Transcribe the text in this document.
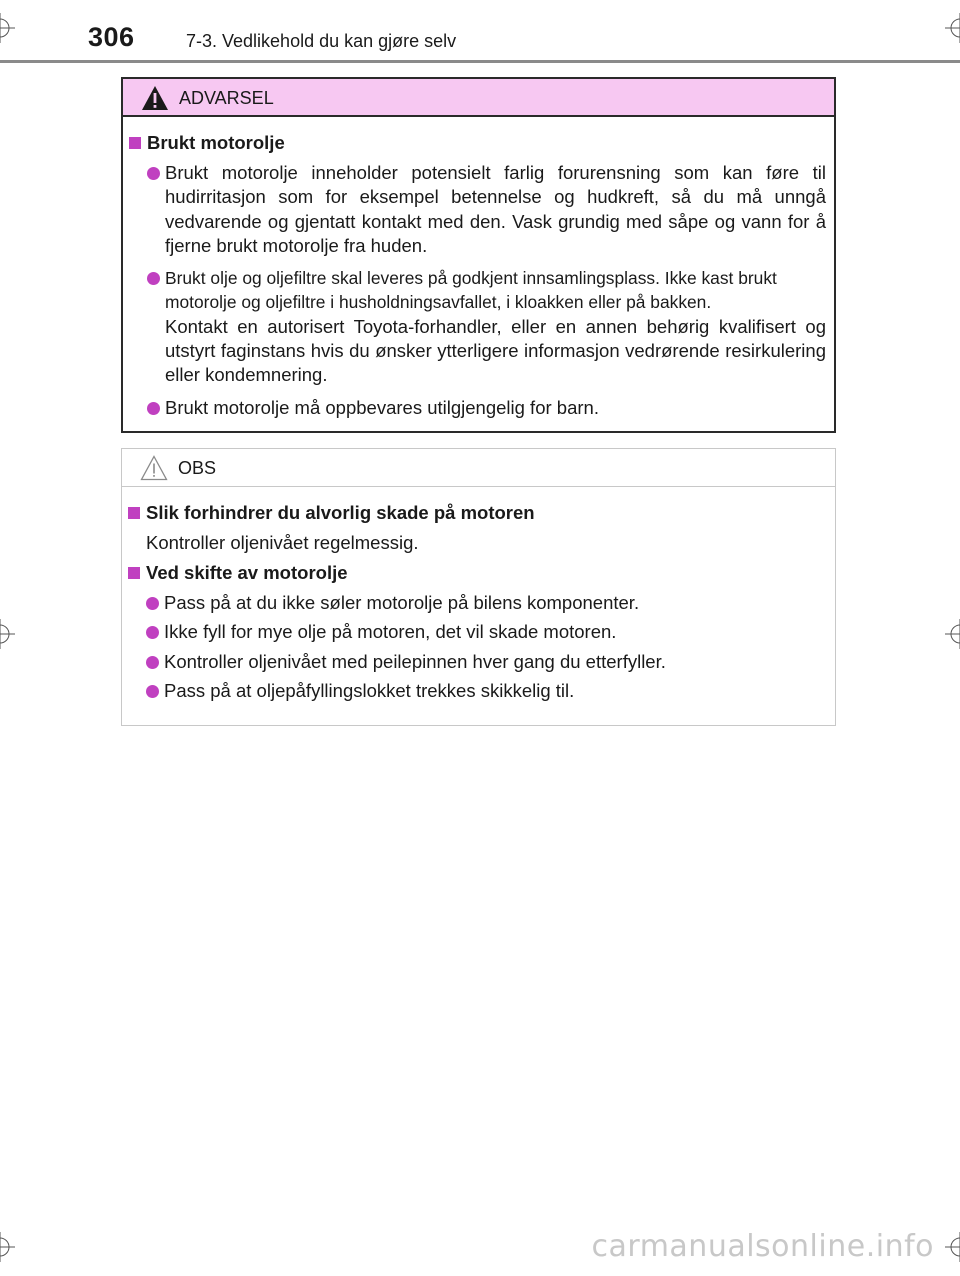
306	7-3. Vedlikehold du kan gjøre selv
ADVARSEL
Brukt motorolje
Brukt motorolje inneholder potensielt farlig forurensning som kan føre til hudirritasjon som for eksempel betennelse og hudkreft, så du må unngå vedvarende og gjentatt kontakt med den. Vask grundig med såpe og vann for å fjerne brukt motorolje fra huden.
Brukt olje og oljefiltre skal leveres på godkjent innsamlingsplass. Ikke kast brukt motorolje og oljefiltre i husholdningsavfallet, i kloakken eller på bakken.
Kontakt en autorisert Toyota-forhandler, eller en annen behørig kvalifisert og utstyrt faginstans hvis du ønsker ytterligere informasjon vedrørende resirkulering eller kondemnering.
Brukt motorolje må oppbevares utilgjengelig for barn.
OBS
Slik forhindrer du alvorlig skade på motoren
Kontroller oljenivået regelmessig.
Ved skifte av motorolje
Pass på at du ikke søler motorolje på bilens komponenter.
Ikke fyll for mye olje på motoren, det vil skade motoren.
Kontroller oljenivået med peilepinnen hver gang du etterfyller.
Pass på at oljepåfyllingslokket trekkes skikkelig til.
carmanualsonline.info
